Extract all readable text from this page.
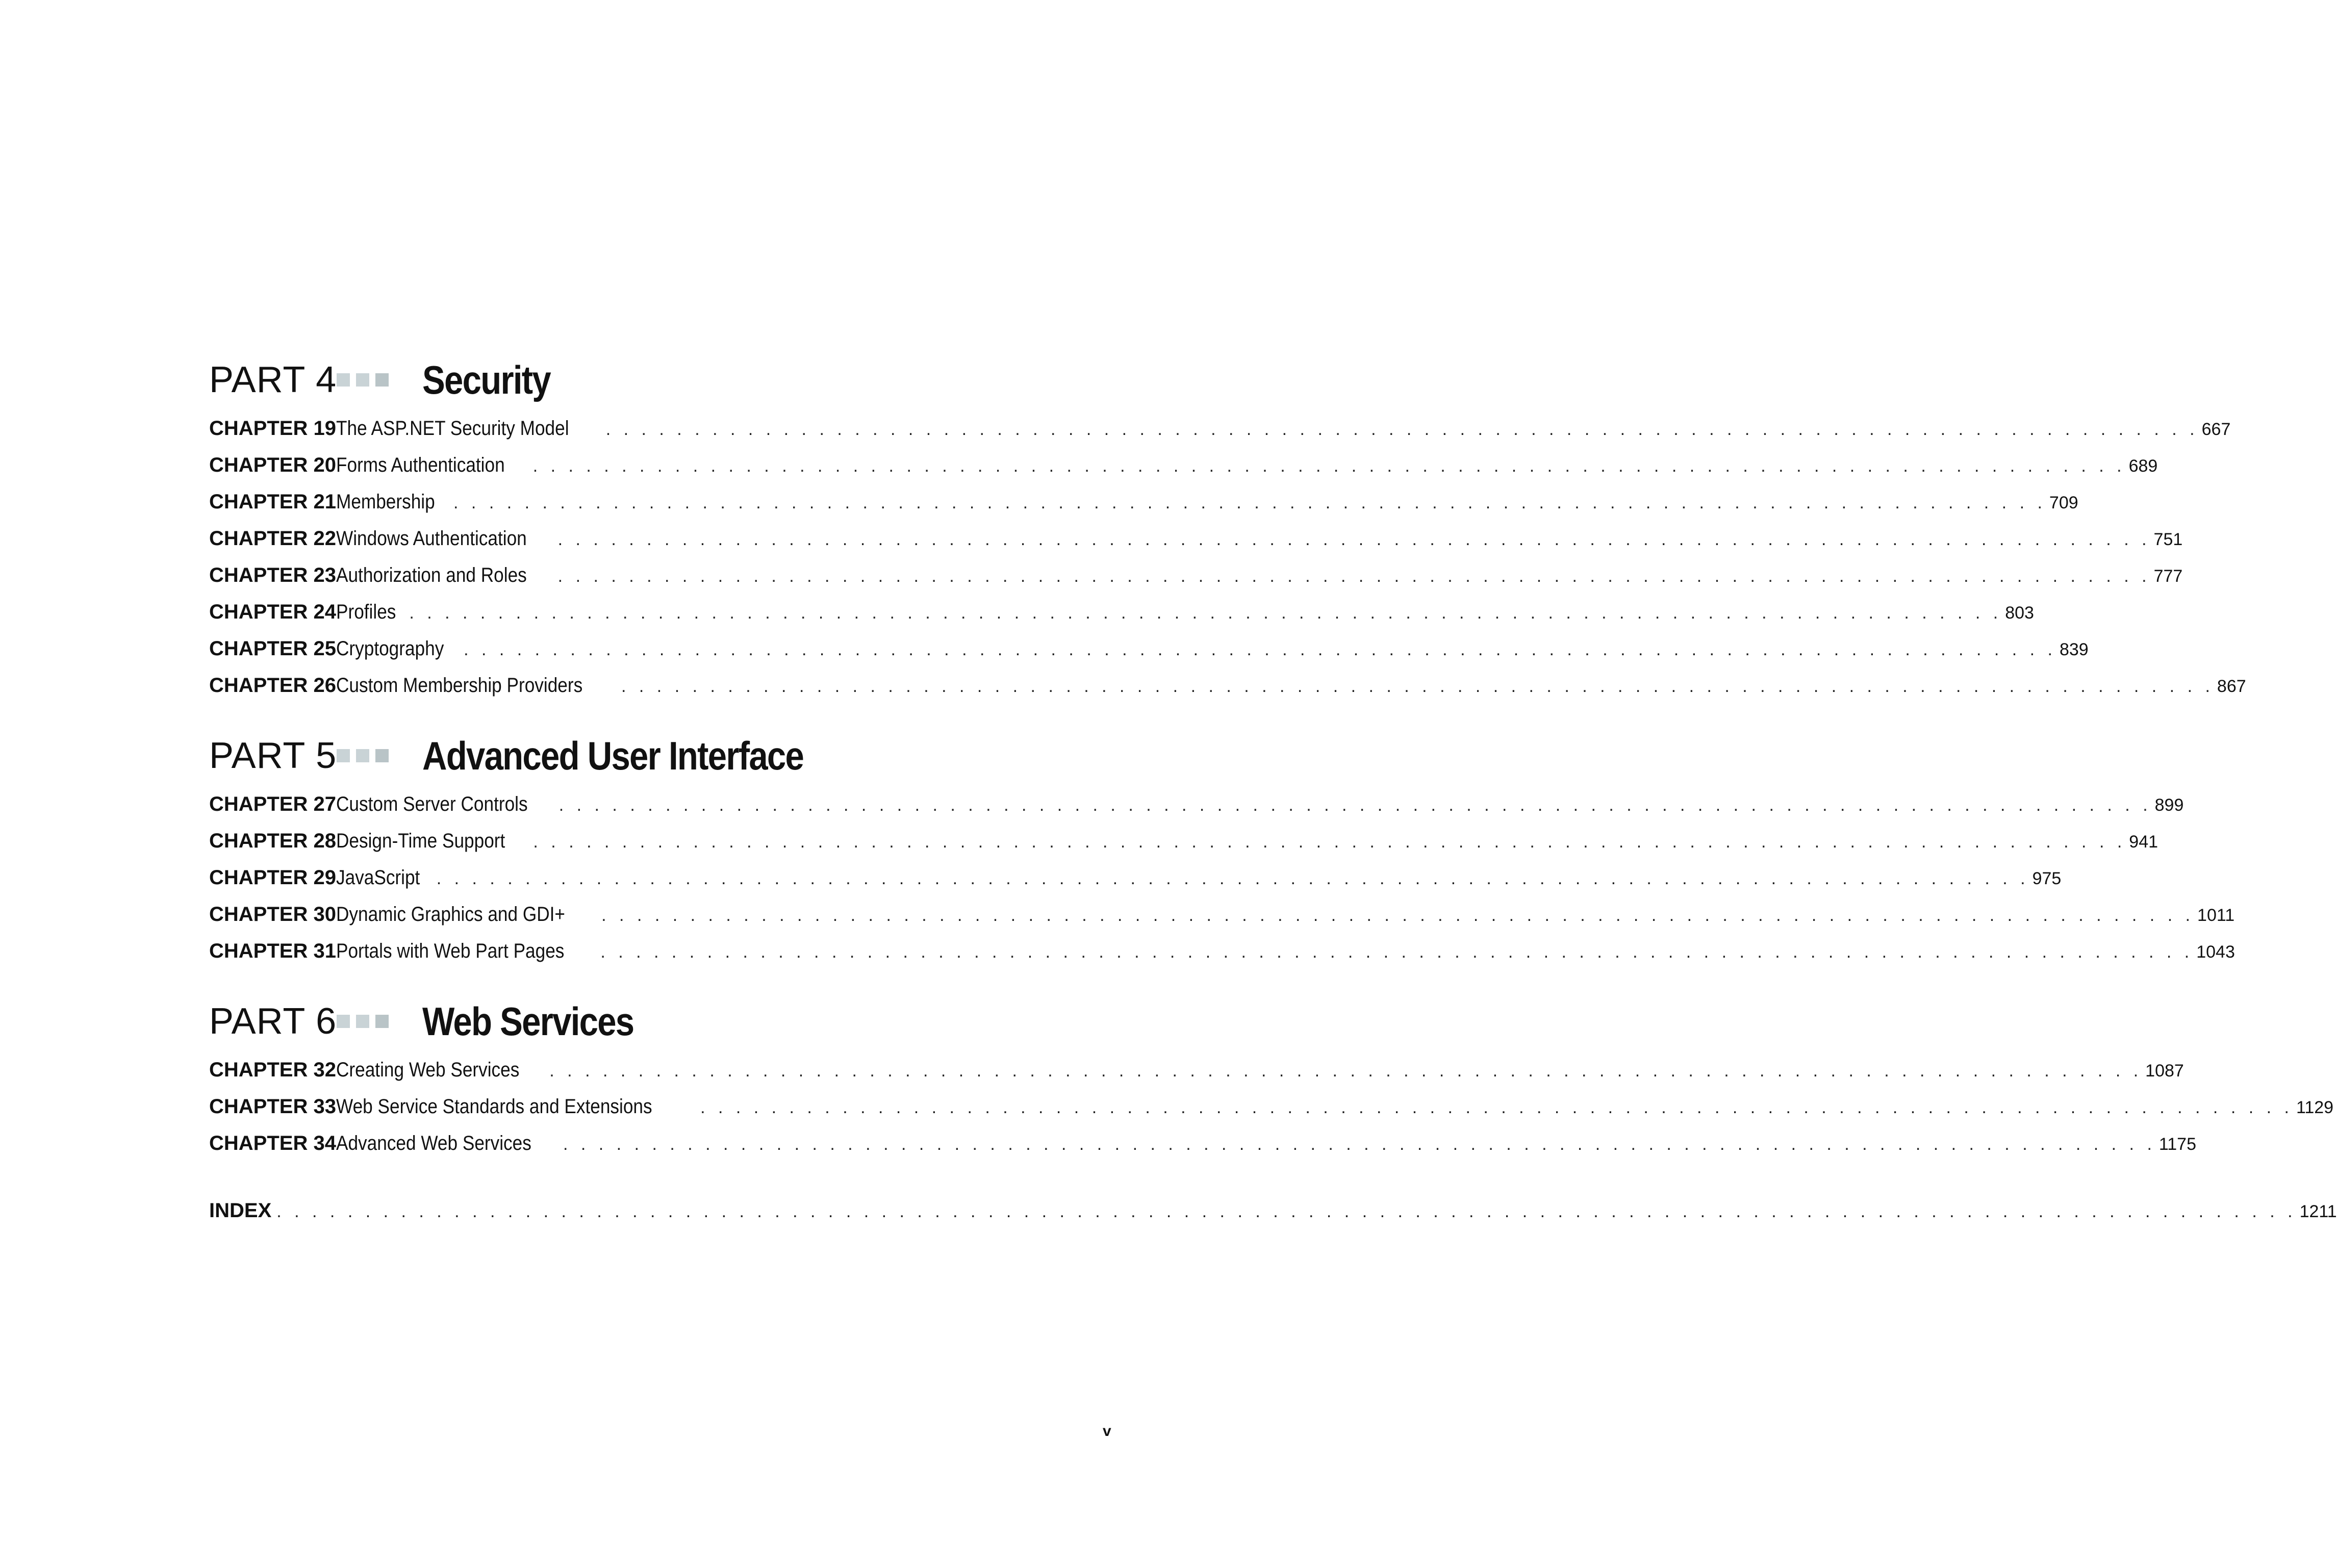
PART 4 Security
CHAPTER 19 The ASP.NET Security Model . . . . . . . . . . . . . . . . . . . . . . . . . . . . . . . . . . . . . . . . . . . . . . . . . . . . . . . . . . . . . . . . . . . . . . . . . . . . . . . . . . . . . . . . . . 667
CHAPTER 20 Forms Authentication . . . . . . . . . . . . . . . . . . . . . . . . . . . . . . . . . . . . . . . . . . . . . . . . . . . . . . . . . . . . . . . . . . . . . . . . . . . . . . . . . . . . . . . . . . 689
CHAPTER 21 Membership . . . . . . . . . . . . . . . . . . . . . . . . . . . . . . . . . . . . . . . . . . . . . . . . . . . . . . . . . . . . . . . . . . . . . . . . . . . . . . . . . . . . . . . . . . 709
CHAPTER 22 Windows Authentication . . . . . . . . . . . . . . . . . . . . . . . . . . . . . . . . . . . . . . . . . . . . . . . . . . . . . . . . . . . . . . . . . . . . . . . . . . . . . . . . . . . . . . . . . . 751
CHAPTER 23 Authorization and Roles . . . . . . . . . . . . . . . . . . . . . . . . . . . . . . . . . . . . . . . . . . . . . . . . . . . . . . . . . . . . . . . . . . . . . . . . . . . . . . . . . . . . . . . . . . 777
CHAPTER 24 Profiles . . . . . . . . . . . . . . . . . . . . . . . . . . . . . . . . . . . . . . . . . . . . . . . . . . . . . . . . . . . . . . . . . . . . . . . . . . . . . . . . . . . . . . . . . . 803
CHAPTER 25 Cryptography . . . . . . . . . . . . . . . . . . . . . . . . . . . . . . . . . . . . . . . . . . . . . . . . . . . . . . . . . . . . . . . . . . . . . . . . . . . . . . . . . . . . . . . . . . 839
CHAPTER 26 Custom Membership Providers . . . . . . . . . . . . . . . . . . . . . . . . . . . . . . . . . . . . . . . . . . . . . . . . . . . . . . . . . . . . . . . . . . . . . . . . . . . . . . . . . . . . . . . . . . 867
PART 5 Advanced User Interface
CHAPTER 27 Custom Server Controls . . . . . . . . . . . . . . . . . . . . . . . . . . . . . . . . . . . . . . . . . . . . . . . . . . . . . . . . . . . . . . . . . . . . . . . . . . . . . . . . . . . . . . . . . . 899
CHAPTER 28 Design-Time Support . . . . . . . . . . . . . . . . . . . . . . . . . . . . . . . . . . . . . . . . . . . . . . . . . . . . . . . . . . . . . . . . . . . . . . . . . . . . . . . . . . . . . . . . . . 941
CHAPTER 29 JavaScript . . . . . . . . . . . . . . . . . . . . . . . . . . . . . . . . . . . . . . . . . . . . . . . . . . . . . . . . . . . . . . . . . . . . . . . . . . . . . . . . . . . . . . . . . . 975
CHAPTER 30 Dynamic Graphics and GDI+ . . . . . . . . . . . . . . . . . . . . . . . . . . . . . . . . . . . . . . . . . . . . . . . . . . . . . . . . . . . . . . . . . . . . . . . . . . . . . . . . . . . . . . . . . . 1011
CHAPTER 31 Portals with Web Part Pages . . . . . . . . . . . . . . . . . . . . . . . . . . . . . . . . . . . . . . . . . . . . . . . . . . . . . . . . . . . . . . . . . . . . . . . . . . . . . . . . . . . . . . . . . . 1043
PART 6 Web Services
CHAPTER 32 Creating Web Services . . . . . . . . . . . . . . . . . . . . . . . . . . . . . . . . . . . . . . . . . . . . . . . . . . . . . . . . . . . . . . . . . . . . . . . . . . . . . . . . . . . . . . . . . . 1087
CHAPTER 33 Web Service Standards and Extensions	. . . . . . . . . . . . . . . . . . . . . . . . . . . . . . . . . . . . . . . . . . . . . . . . . . . . . . . . . . . . . . . . . . . . . . . . . . . . . . . . . . . . . . . . . . 1129
CHAPTER 34 Advanced Web Services . . . . . . . . . . . . . . . . . . . . . . . . . . . . . . . . . . . . . . . . . . . . . . . . . . . . . . . . . . . . . . . . . . . . . . . . . . . . . . . . . . . . . . . . . . 1175
INDEX . . . . . . . . . . . . . . . . . . . . . . . . . . . . . . . . . . . . . . . . . . . . . . . . . . . . . . . . . . . . . . . . . . . . . . . . . . . . . . . . . . . . . . . . . . . . . . . . . . . . . . . . . . . . . . . . . . 1211
v
